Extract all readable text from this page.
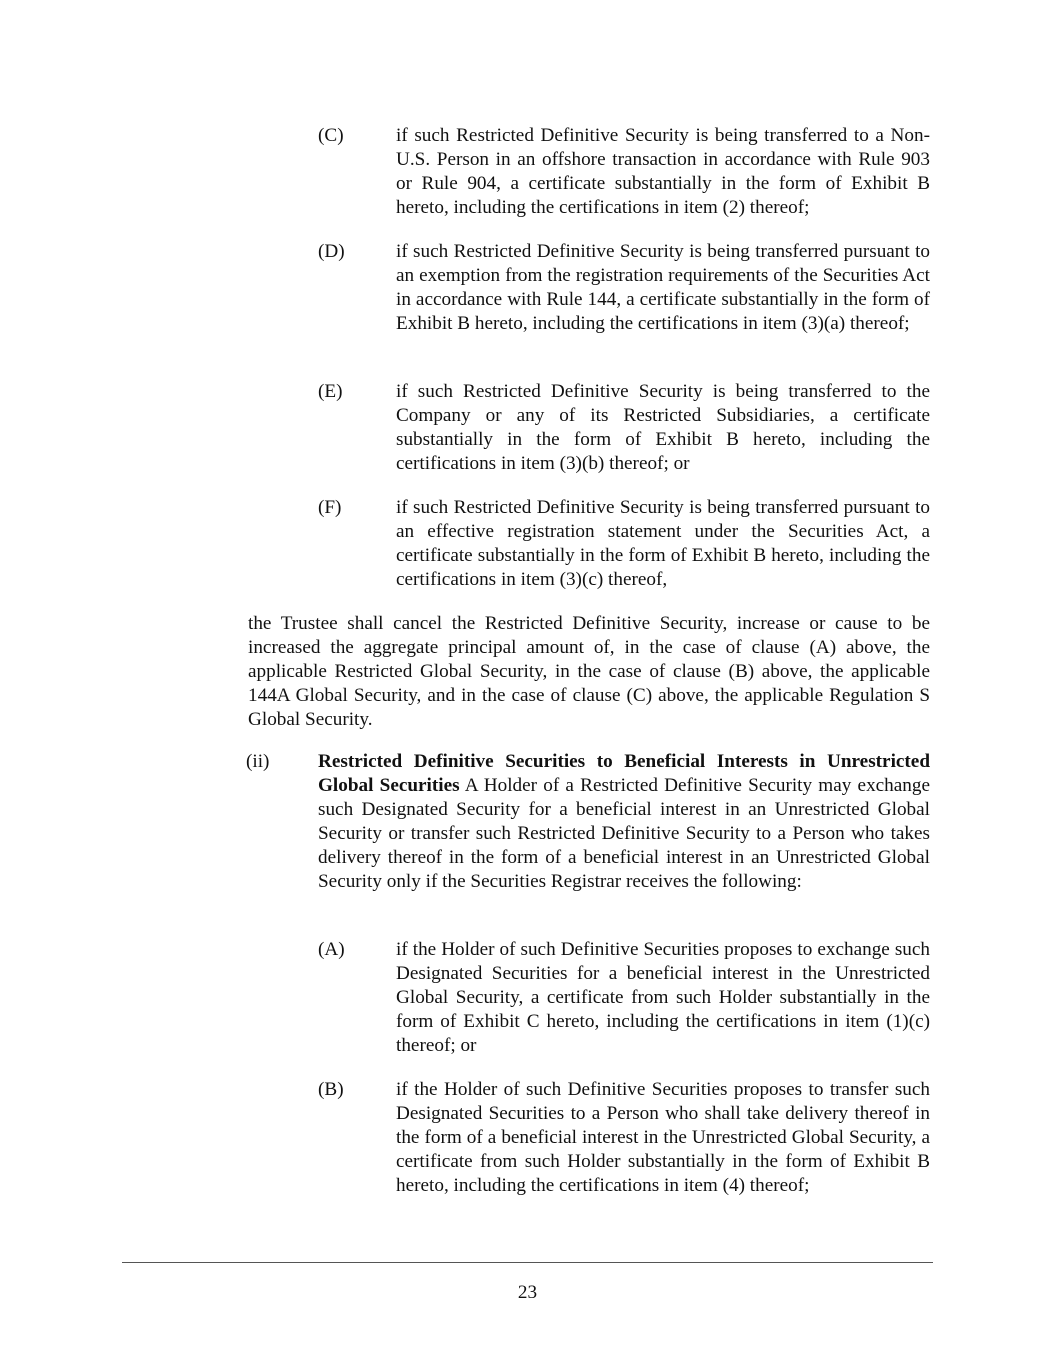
(C)	if such Restricted Definitive Security is being transferred to a Non-U.S. Person in an offshore transaction in accordance with Rule 903 or Rule 904, a certificate substantially in the form of Exhibit B hereto, including the certifications in item (2) thereof;
(D)	if such Restricted Definitive Security is being transferred pursuant to an exemption from the registration requirements of the Securities Act in accordance with Rule 144, a certificate substantially in the form of Exhibit B hereto, including the certifications in item (3)(a) thereof;
(E)	if such Restricted Definitive Security is being transferred to the Company or any of its Restricted Subsidiaries, a certificate substantially in the form of Exhibit B hereto, including the certifications in item (3)(b) thereof; or
(F)	if such Restricted Definitive Security is being transferred pursuant to an effective registration statement under the Securities Act, a certificate substantially in the form of Exhibit B hereto, including the certifications in item (3)(c) thereof,
the Trustee shall cancel the Restricted Definitive Security, increase or cause to be increased the aggregate principal amount of, in the case of clause (A) above, the applicable Restricted Global Security, in the case of clause (B) above, the applicable 144A Global Security, and in the case of clause (C) above, the applicable Regulation S Global Security.
(ii)	Restricted Definitive Securities to Beneficial Interests in Unrestricted Global Securities A Holder of a Restricted Definitive Security may exchange such Designated Security for a beneficial interest in an Unrestricted Global Security or transfer such Restricted Definitive Security to a Person who takes delivery thereof in the form of a beneficial interest in an Unrestricted Global Security only if the Securities Registrar receives the following:
(A)	if the Holder of such Definitive Securities proposes to exchange such Designated Securities for a beneficial interest in the Unrestricted Global Security, a certificate from such Holder substantially in the form of Exhibit C hereto, including the certifications in item (1)(c) thereof; or
(B)	if the Holder of such Definitive Securities proposes to transfer such Designated Securities to a Person who shall take delivery thereof in the form of a beneficial interest in the Unrestricted Global Security, a certificate from such Holder substantially in the form of Exhibit B hereto, including the certifications in item (4) thereof;
23
